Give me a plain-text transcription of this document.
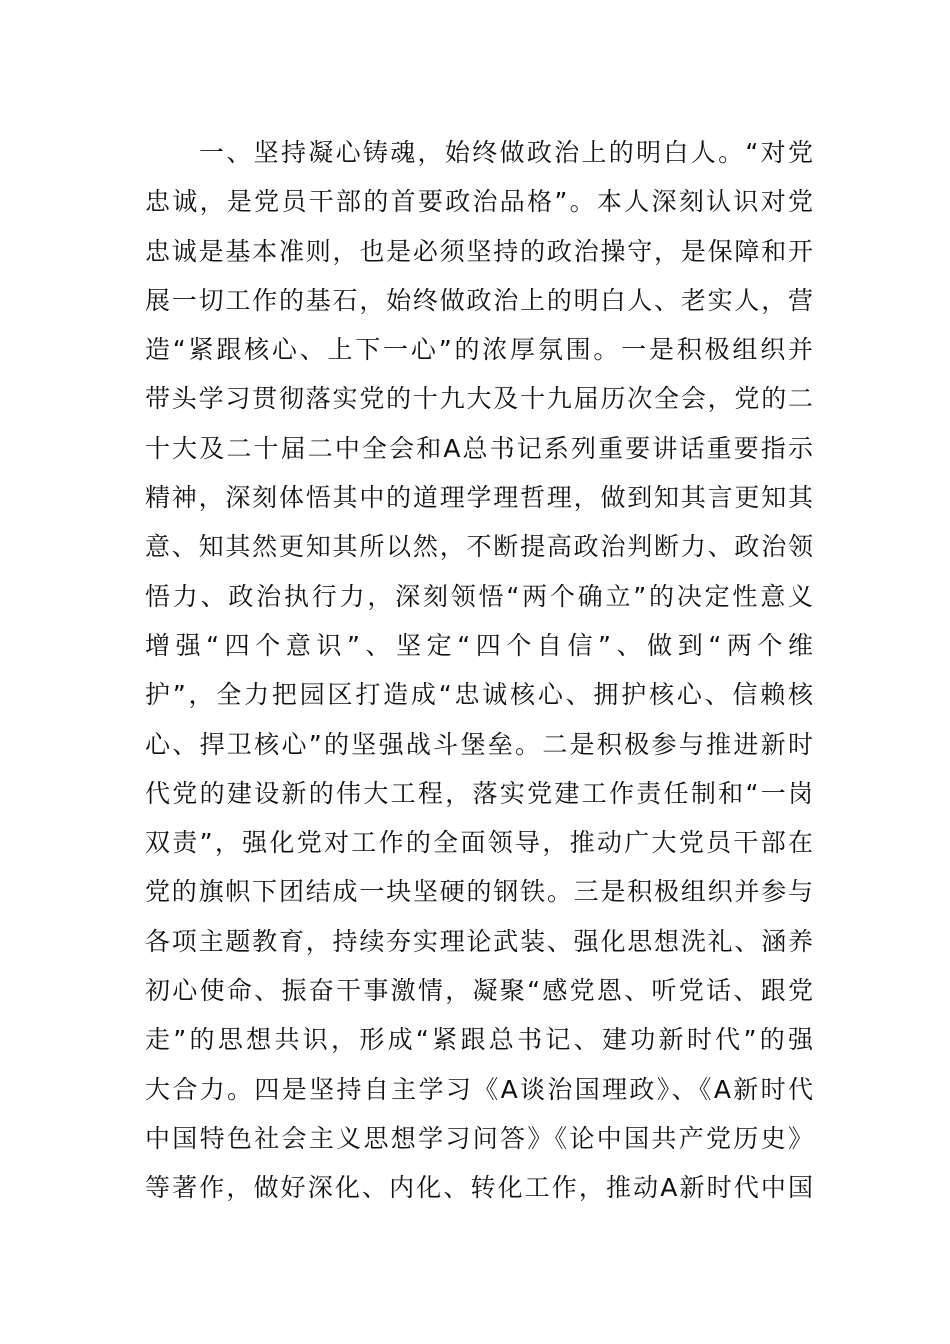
一、坚持凝心铸魂，始终做政治上的明白人。“对党
忠诚，是党员干部的首要政治品格”。本人深刻认识对党
忠诚是基本准则，也是必须坚持的政治操守，是保障和开
展一切工作的基石，始终做政治上的明白人、老实人，营
造“紧跟核心、上下一心”的浓厚氛围。一是积极组织并
带头学习贯彻落实党的十九大及十九届历次全会，党的二
十大及二十届二中全会和A总书记系列重要讲话重要指示
精神，深刻体悟其中的道理学理哲理，做到知其言更知其
意、知其然更知其所以然，不断提高政治判断力、政治领
悟力、政治执行力，深刻领悟“两个确立”的决定性意义
增强“四个意识”、坚定“四个自信”、做到“两个维
护”，全力把园区打造成“忠诚核心、拥护核心、信赖核
心、捍卫核心”的坚强战斗堡垒。二是积极参与推进新时
代党的建设新的伟大工程，落实党建工作责任制和“一岗
双责”，强化党对工作的全面领导，推动广大党员干部在
党的旗帜下团结成一块坚硬的钢铁。三是积极组织并参与
各项主题教育，持续夯实理论武装、强化思想洗礼、涵养
初心使命、振奋干事激情，凝聚“感党恩、听党话、跟党
走”的思想共识，形成“紧跟总书记、建功新时代”的强
大合力。四是坚持自主学习《A谈治国理政》、《A新时代
中国特色社会主义思想学习问答》《论中国共产党历史》
等著作，做好深化、内化、转化工作，推动A新时代中国
